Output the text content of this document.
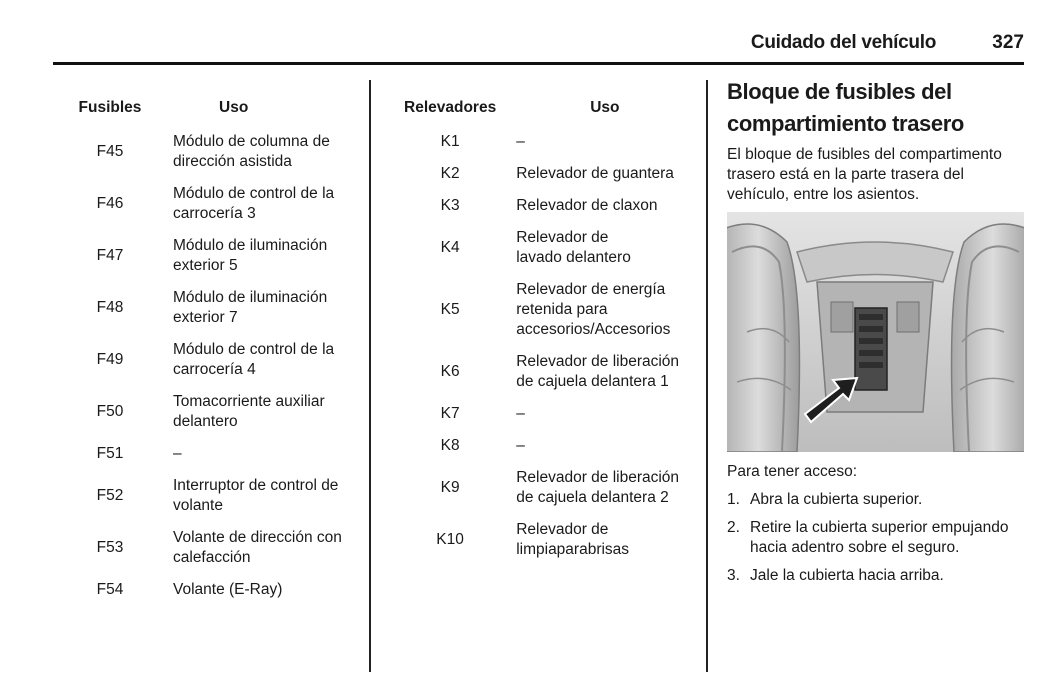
Cuidado del vehículo	327
Fusibles	Uso
F45	Módulo de columna de dirección asistida
F46	Módulo de control de la carrocería 3
F47	Módulo de iluminación exterior 5
F48	Módulo de iluminación exterior 7
F49	Módulo de control de la carrocería 4
F50	Tomacorriente auxiliar delantero
F51	–
F52	Interruptor de control de volante
F53	Volante de dirección con calefacción
F54	Volante (E-Ray)
Relevadores	Uso
K1	–
K2	Relevador de guantera
K3	Relevador de claxon
K4	Relevador de lavado delantero
K5	Relevador de energía retenida para accesorios/Accesorios
K6	Relevador de liberación de cajuela delantera 1
K7	–
K8	–
K9	Relevador de liberación de cajuela delantera 2
K10	Relevador de limpiaparabrisas
Bloque de fusibles del compartimiento trasero
El bloque de fusibles del compartimento trasero está en la parte trasera del vehículo, entre los asientos.
Para tener acceso:
1. Abra la cubierta superior.
2. Retire la cubierta superior empujando hacia adentro sobre el seguro.
3. Jale la cubierta hacia arriba.
